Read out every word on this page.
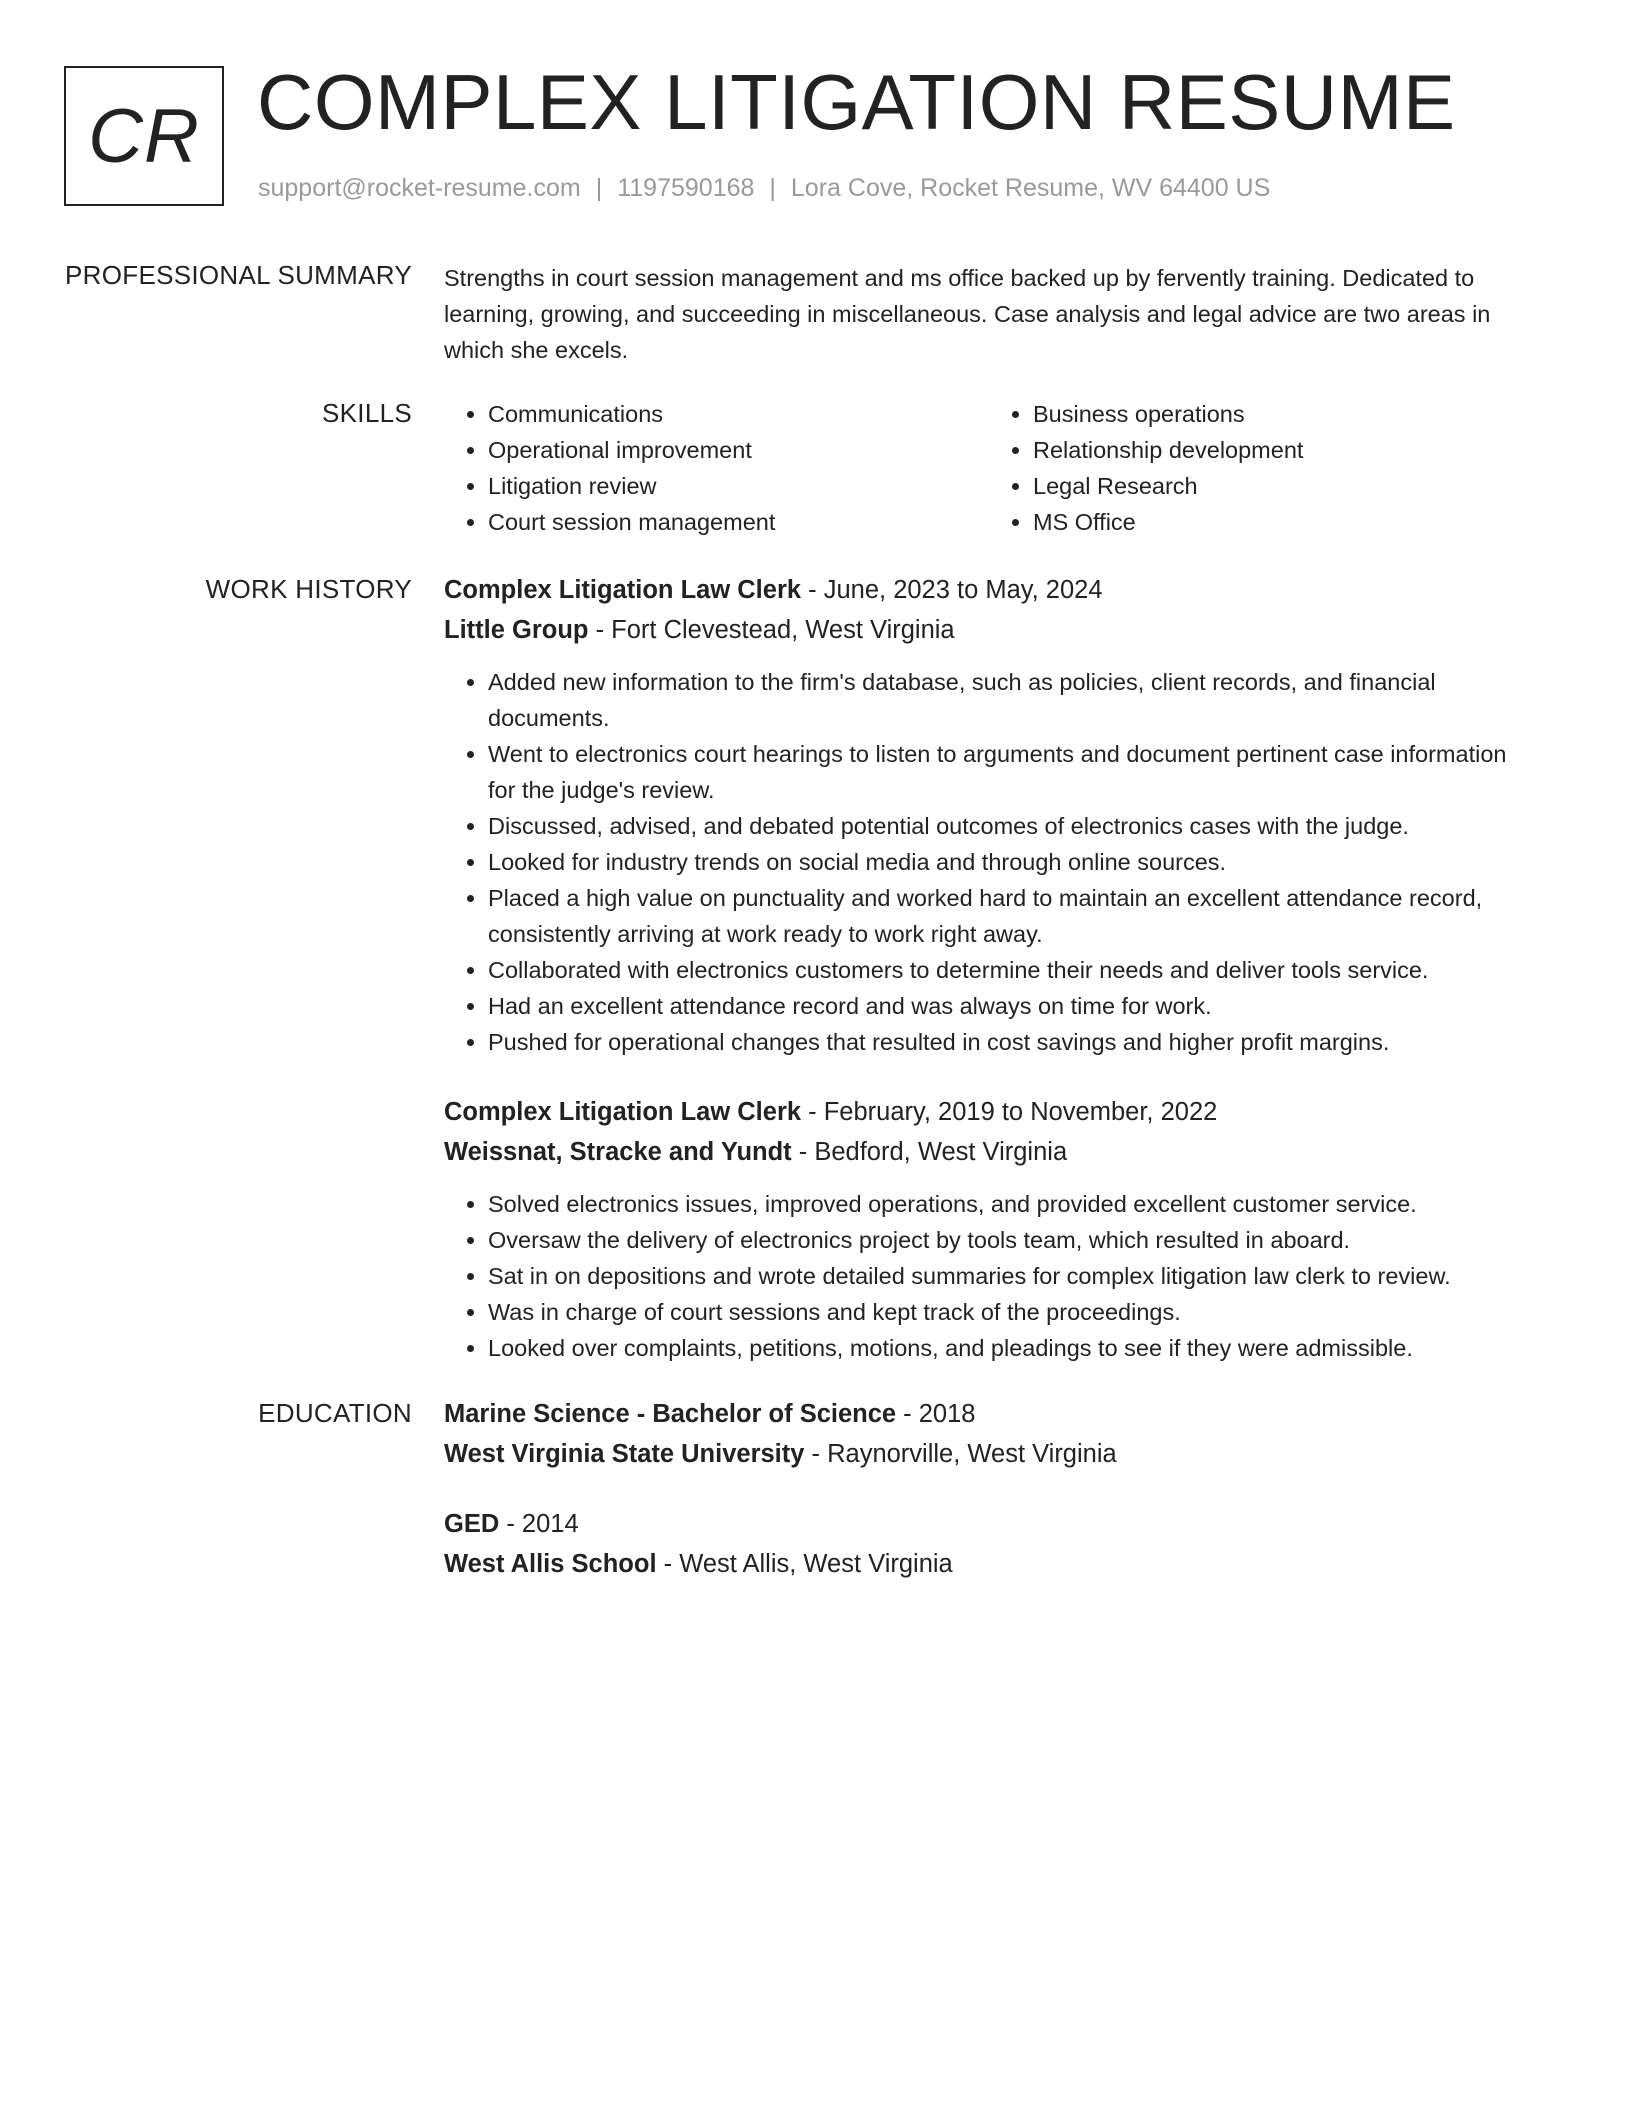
CR COMPLEX LITIGATION RESUME
support@rocket-resume.com | 1197590168 | Lora Cove, Rocket Resume, WV 64400 US
PROFESSIONAL SUMMARY Strengths in court session management and ms office backed up by fervently training. Dedicated to learning, growing, and succeeding in miscellaneous. Case analysis and legal advice are two areas in which she excels.

SKILLS
•	Communications
• Operational improvement
• Litigation review
• Court session management
• Business operations
• Relationship development
• Legal Research
• MS Office
WORK HISTORY Complex Litigation Law Clerk - June, 2023 to May, 2024

Little Group - Fort Clevestead, West Virginia

• Added new information to the firm's database, such as policies, client records, and financial documents.
• Went to electronics court hearings to listen to arguments and document pertinent case information for the judge's review.
• Discussed, advised, and debated potential outcomes of electronics cases with the judge.
• Looked for industry trends on social media and through online sources.
• Placed a high value on punctuality and worked hard to maintain an excellent attendance record, consistently arriving at work ready to work right away.
• Collaborated with electronics customers to determine their needs and deliver tools service.
• Had an excellent attendance record and was always on time for work.
• Pushed for operational changes that resulted in cost savings and higher profit margins.

Complex Litigation Law Clerk - February, 2019 to November, 2022

Weissnat, Stracke and Yundt - Bedford, West Virginia

• Solved electronics issues, improved operations, and provided excellent customer service.
• Oversaw the delivery of electronics project by tools team, which resulted in aboard.
• Sat in on depositions and wrote detailed summaries for complex litigation law clerk to review.
• Was in charge of court sessions and kept track of the proceedings.
• Looked over complaints, petitions, motions, and pleadings to see if they were admissible.
EDUCATION Marine Science - Bachelor of Science - 2018

West Virginia State University - Raynorville, West Virginia

GED - 2014

West Allis School - West Allis, West Virginia
